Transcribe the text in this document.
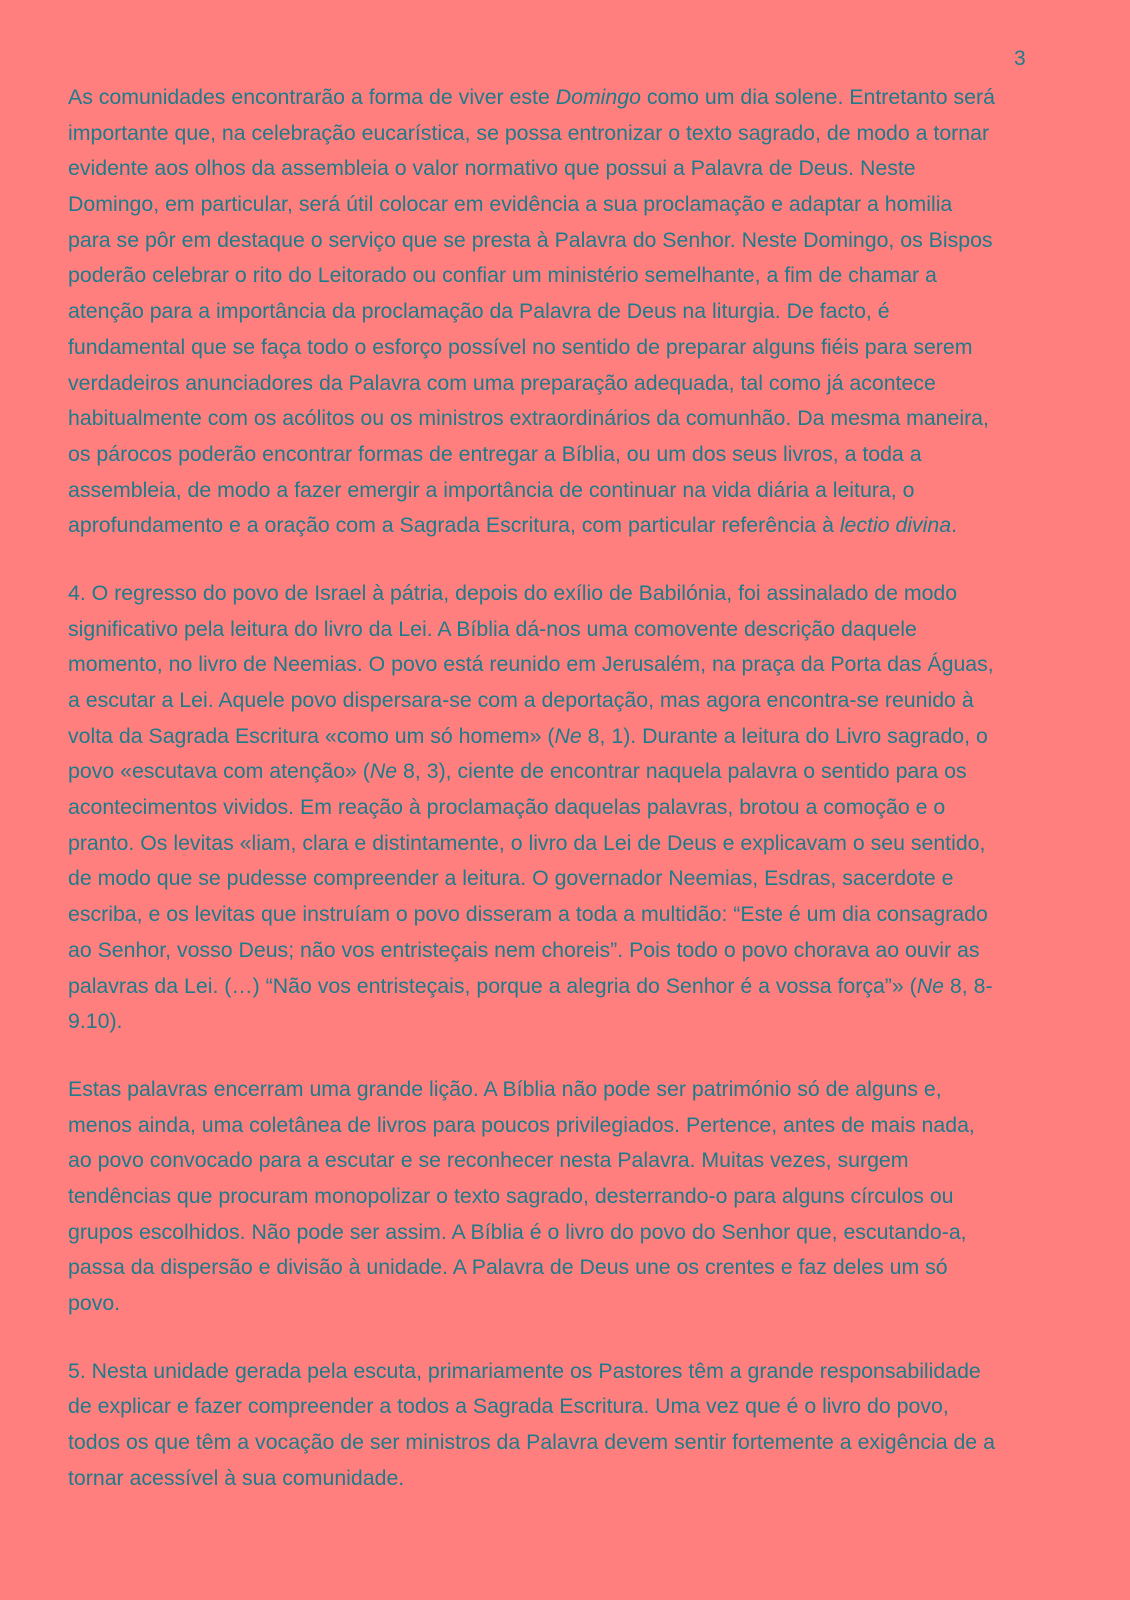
3

As comunidades encontrarão a forma de viver este Domingo como um dia solene. Entretanto será
importante que, na celebração eucarística, se possa entronizar o texto sagrado, de modo a tornar
evidente aos olhos da assembleia o valor normativo que possui a Palavra de Deus. Neste
Domingo, em particular, será útil colocar em evidência a sua proclamação e adaptar a homilia
para se pôr em destaque o serviço que se presta à Palavra do Senhor. Neste Domingo, os Bispos
poderão celebrar o rito do Leitorado ou confiar um ministério semelhante, a fim de chamar a
atenção para a importância da proclamação da Palavra de Deus na liturgia. De facto, é
fundamental que se faça todo o esforço possível no sentido de preparar alguns fiéis para serem
verdadeiros anunciadores da Palavra com uma preparação adequada, tal como já acontece
habitualmente com os acólitos ou os ministros extraordinários da comunhão. Da mesma maneira,
os párocos poderão encontrar formas de entregar a Bíblia, ou um dos seus livros, a toda a
assembleia, de modo a fazer emergir a importância de continuar na vida diária a leitura, o
aprofundamento e a oração com a Sagrada Escritura, com particular referência à lectio divina.

4. O regresso do povo de Israel à pátria, depois do exílio de Babilónia, foi assinalado de modo
significativo pela leitura do livro da Lei. A Bíblia dá-nos uma comovente descrição daquele
momento, no livro de Neemias. O povo está reunido em Jerusalém, na praça da Porta das Águas,
a escutar a Lei. Aquele povo dispersara-se com a deportação, mas agora encontra-se reunido à
volta da Sagrada Escritura «como um só homem» (Ne 8, 1). Durante a leitura do Livro sagrado, o
povo «escutava com atenção» (Ne 8, 3), ciente de encontrar naquela palavra o sentido para os
acontecimentos vividos. Em reação à proclamação daquelas palavras, brotou a comoção e o
pranto. Os levitas «liam, clara e distintamente, o livro da Lei de Deus e explicavam o seu sentido,
de modo que se pudesse compreender a leitura. O governador Neemias, Esdras, sacerdote e
escriba, e os levitas que instruíam o povo disseram a toda a multidão: “Este é um dia consagrado
ao Senhor, vosso Deus; não vos entristeçais nem choreis”. Pois todo o povo chorava ao ouvir as
palavras da Lei. (…) “Não vos entristeçais, porque a alegria do Senhor é a vossa força”» (Ne 8, 8-
9.10).

Estas palavras encerram uma grande lição. A Bíblia não pode ser património só de alguns e,
menos ainda, uma coletânea de livros para poucos privilegiados. Pertence, antes de mais nada,
ao povo convocado para a escutar e se reconhecer nesta Palavra. Muitas vezes, surgem
tendências que procuram monopolizar o texto sagrado, desterrando-o para alguns círculos ou
grupos escolhidos. Não pode ser assim. A Bíblia é o livro do povo do Senhor que, escutando-a,
passa da dispersão e divisão à unidade. A Palavra de Deus une os crentes e faz deles um só
povo.

5. Nesta unidade gerada pela escuta, primariamente os Pastores têm a grande responsabilidade
de explicar e fazer compreender a todos a Sagrada Escritura. Uma vez que é o livro do povo,
todos os que têm a vocação de ser ministros da Palavra devem sentir fortemente a exigência de a
tornar acessível à sua comunidade.
